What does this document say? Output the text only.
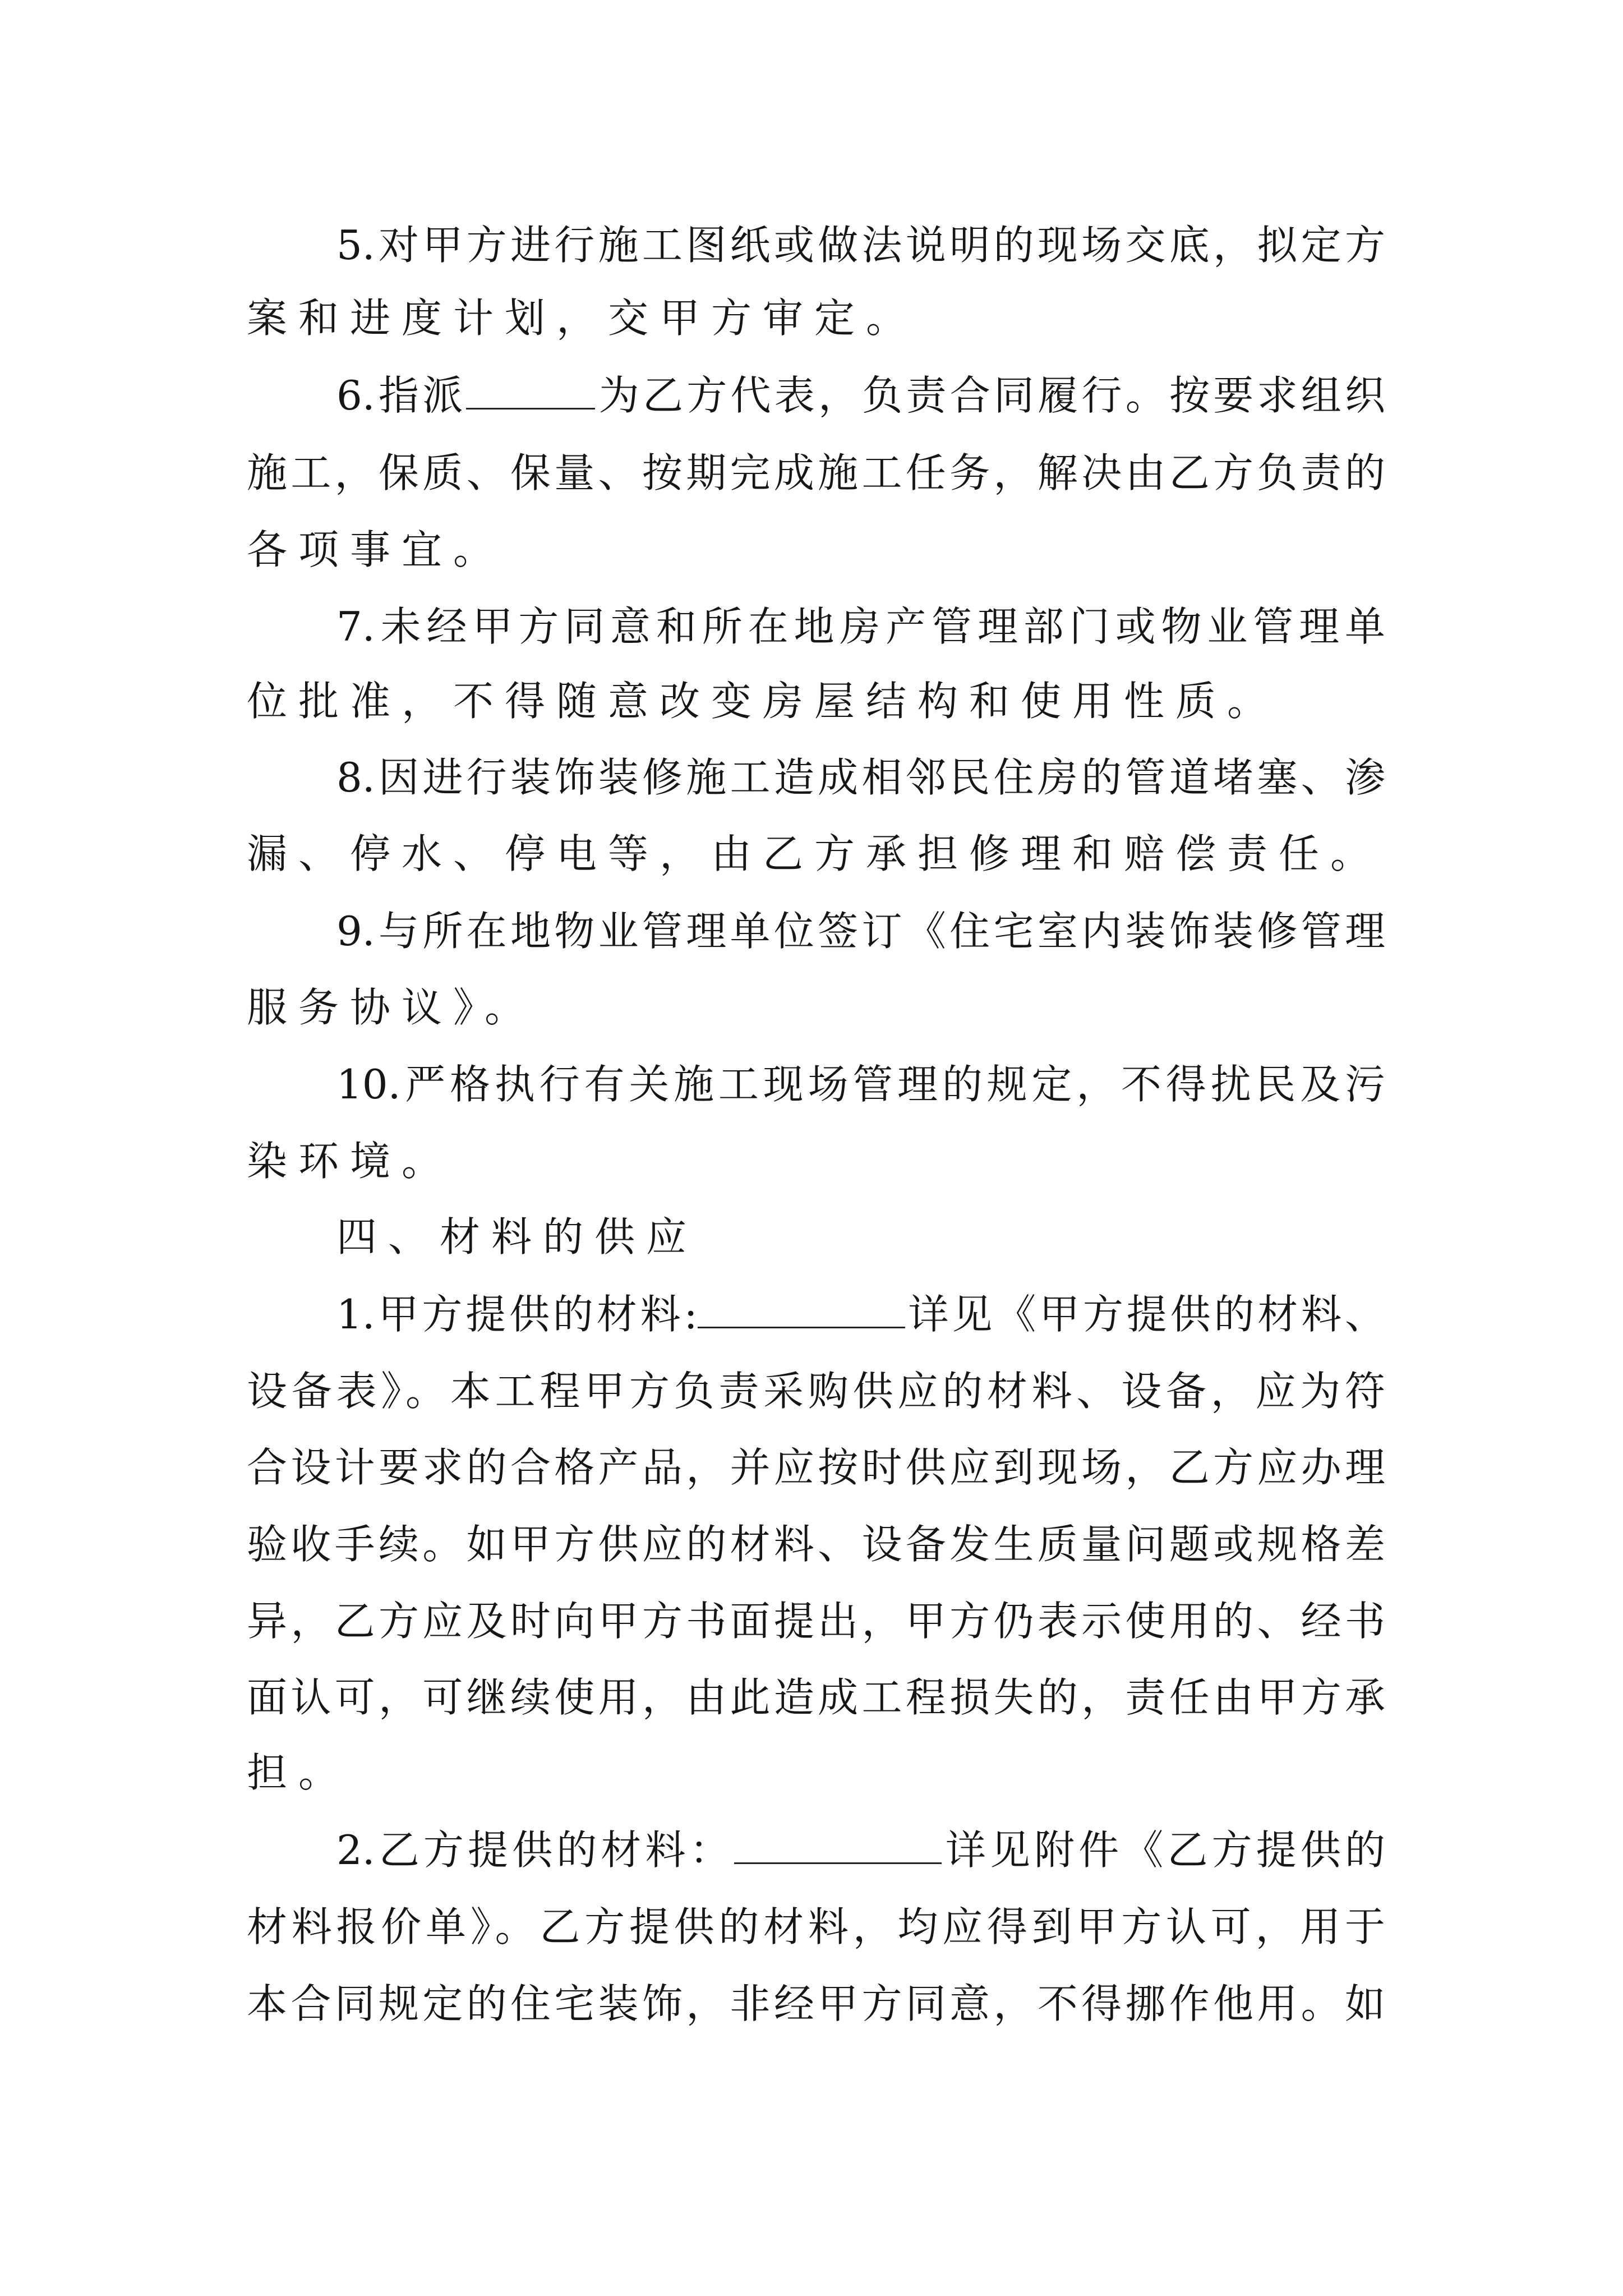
5.对甲方进行施工图纸或做法说明的现场交底，拟定方
案和进度计划，交甲方审定。
6.指派	为乙方代表，负责合同履行。按要求组织
施工，保质、保量、按期完成施工任务，解决由乙方负责的
各项事宜。
7.未经甲方同意和所在地房产管理部门或物业管理单
位批准，不得随意改变房屋结构和使用性质。
8.因进行装饰装修施工造成相邻民住房的管道堵塞、渗
漏、停水、停电等，由乙方承担修理和赔偿责任。
9.与所在地物业管理单位签订《住宅室内装饰装修管理
服务协议》。
10.严格执行有关施工现场管理的规定，不得扰民及污
染环境。
四、材料的供应
1.甲方提供的材料:	详见《甲方提供的材料、
设备表》。本工程甲方负责采购供应的材料、设备，应为符
合设计要求的合格产品，并应按时供应到现场，乙方应办理
验收手续。如甲方供应的材料、设备发生质量问题或规格差
异，乙方应及时向甲方书面提出，甲方仍表示使用的、经书
面认可，可继续使用，由此造成工程损失的，责任由甲方承
担。
2.乙方提供的材料：	详见附件《乙方提供的
材料报价单》。乙方提供的材料，均应得到甲方认可，用于
本合同规定的住宅装饰，非经甲方同意，不得挪作他用。如
